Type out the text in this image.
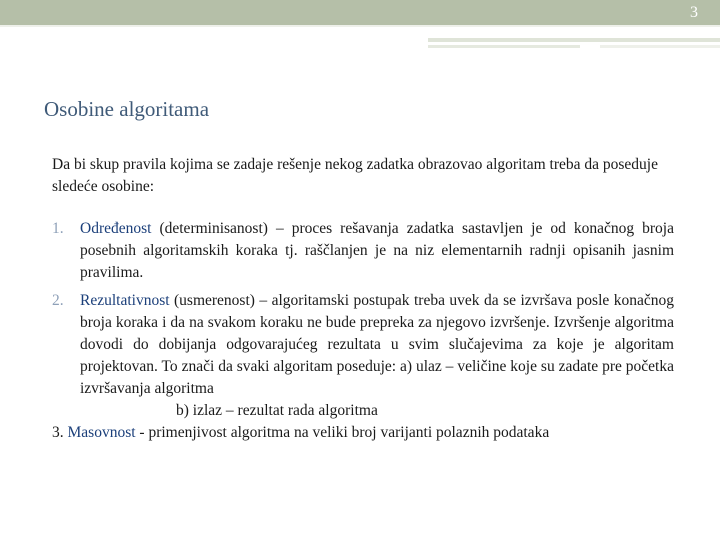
3
Osobine algoritama

Da bi skup pravila kojima se zadaje rešenje nekog zadatka obrazovao algoritam treba da poseduje sledeće osobine:

1. Određenost (determinisanost) – proces rešavanja zadatka sastavljen je od konačnog broja posebnih algoritamskih koraka tj. raščlanjen je na niz elementarnih radnji opisanih jasnim pravilima.
2. Rezultativnost (usmerenost) – algoritamski postupak treba uvek da se izvršava posle konačnog broja koraka i da na svakom koraku ne bude prepreka za njegovo izvršenje. Izvršenje algoritma dovodi do dobijanja odgovarajućeg rezultata u svim slučajevima za koje je algoritam projektovan. To znači da svaki algoritam poseduje: a) ulaz – veličine koje su zadate pre početka izvršavanja algoritma
b) izlaz – rezultat rada algoritma
3. Masovnost - primenjivost algoritma na veliki broj varijanti polaznih podataka
